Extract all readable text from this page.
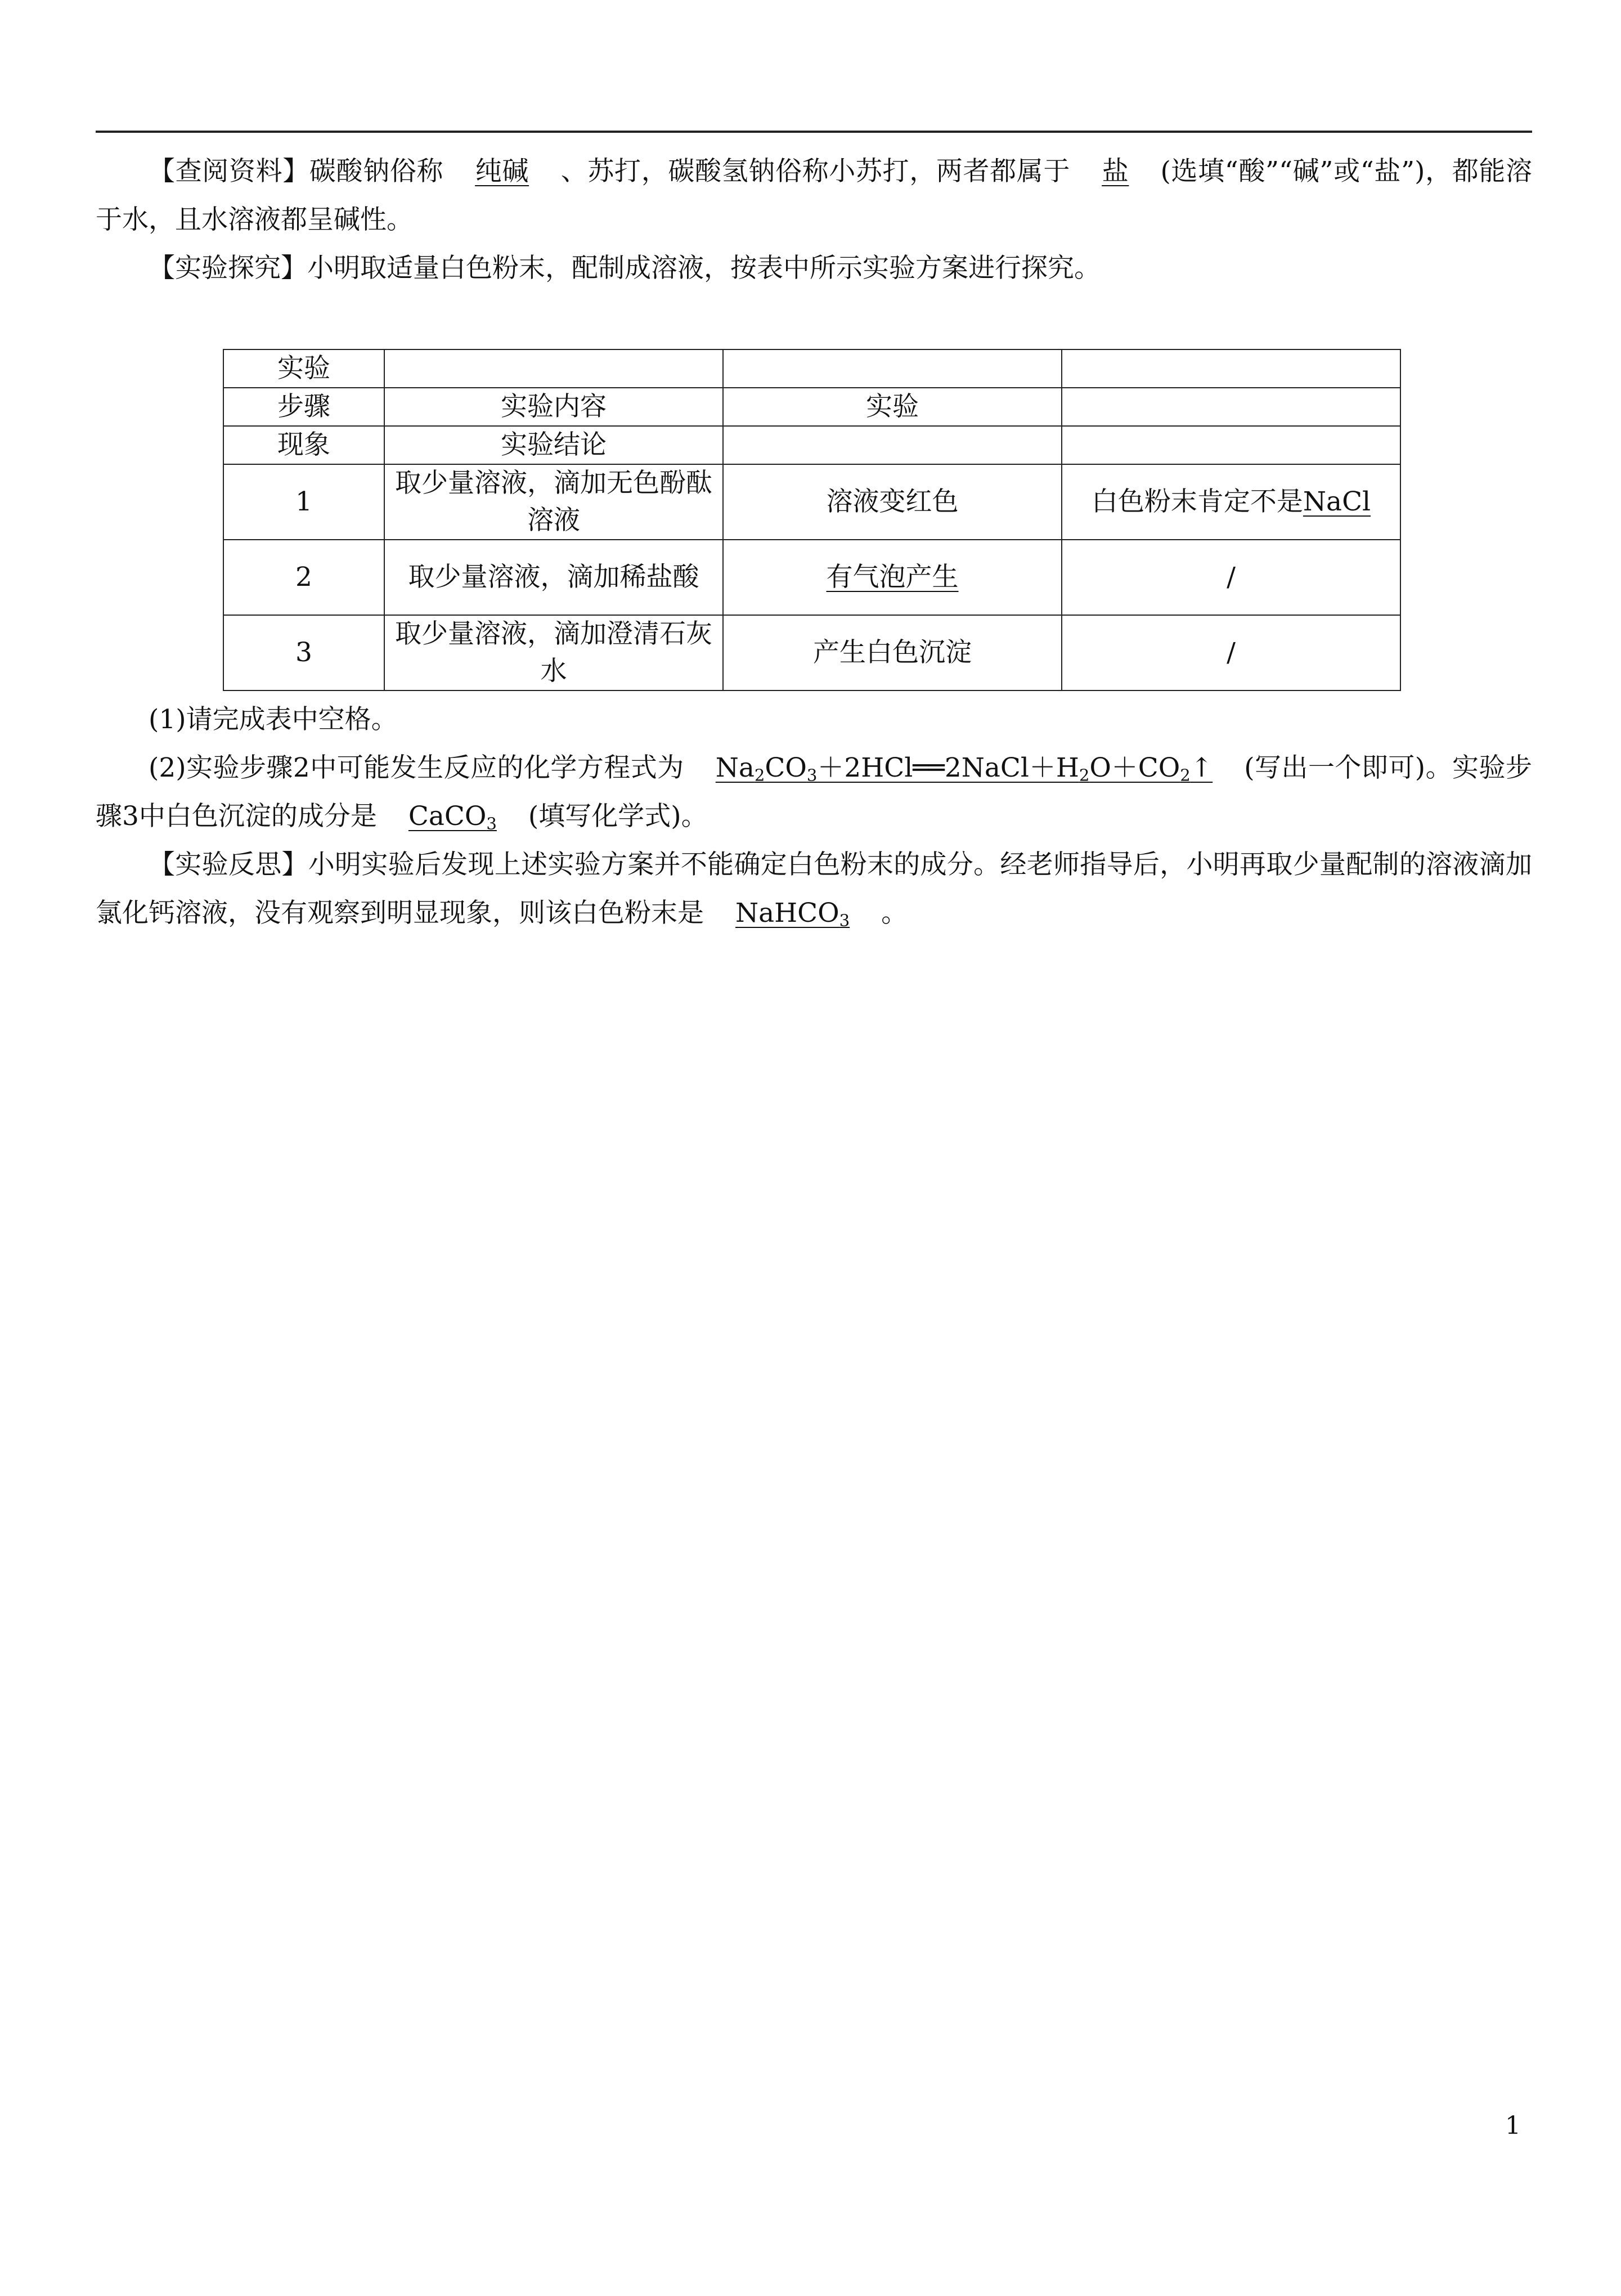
【查阅资料】碳酸钠俗称 纯碱 、苏打，碳酸氢钠俗称小苏打，两者都属于 盐 (选填“酸”“碱”或“盐”)，都能溶于水，且水溶液都呈碱性。

【实验探究】小明取适量白色粉末，配制成溶液，按表中所示实验方案进行探究。

实验			
步骤	实验内容	实验	
现象	实验结论		
1	取少量溶液，滴加无色酚酞溶液	溶液变红色	白色粉末肯定不是NaCl
2	取少量溶液，滴加稀盐酸	有气泡产生	/
3	取少量溶液，滴加澄清石灰水	产生白色沉淀	/

(1)请完成表中空格。

(2)实验步骤2中可能发生反应的化学方程式为 $Na_2CO_3+2HCl══2NaCl+H_2O+CO_2↑$ (写出一个即可)。实验步骤3中白色沉淀的成分是 CaCO$_3$ (填写化学式)。

【实验反思】小明实验后发现上述实验方案并不能确定白色粉末的成分。经老师指导后，小明再取少量配制的溶液滴加氯化钙溶液，没有观察到明显现象，则该白色粉末是 NaHCO$_3$ 。

1
